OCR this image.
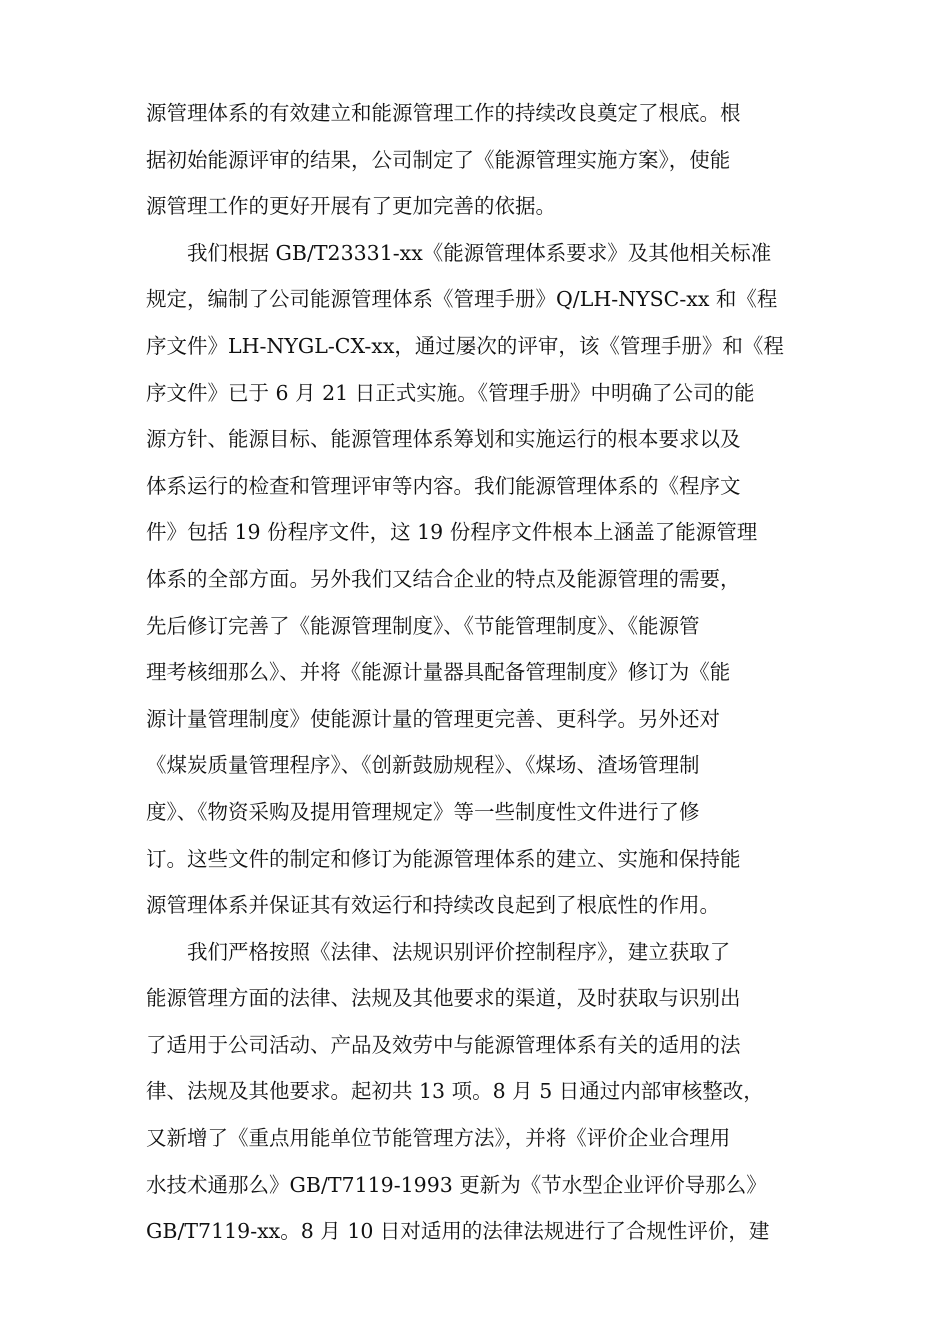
源管理体系的有效建立和能源管理工作的持续改良奠定了根底。根
据初始能源评审的结果，公司制定了《能源管理实施方案》，使能
源管理工作的更好开展有了更加完善的依据。
　　我们根据 GB/T23331-xx《能源管理体系要求》及其他相关标准
规定，编制了公司能源管理体系《管理手册》Q/LH-NYSC-xx 和《程
序文件》LH-NYGL-CX-xx，通过屡次的评审，该《管理手册》和《程
序文件》已于 6 月 21 日正式实施。《管理手册》中明确了公司的能
源方针、能源目标、能源管理体系筹划和实施运行的根本要求以及
体系运行的检查和管理评审等内容。我们能源管理体系的《程序文
件》包括 19 份程序文件，这 19 份程序文件根本上涵盖了能源管理
体系的全部方面。另外我们又结合企业的特点及能源管理的需要，
先后修订完善了《能源管理制度》、《节能管理制度》、《能源管
理考核细那么》、并将《能源计量器具配备管理制度》修订为《能
源计量管理制度》使能源计量的管理更完善、更科学。另外还对
《煤炭质量管理程序》、《创新鼓励规程》、《煤场、渣场管理制
度》、《物资采购及提用管理规定》等一些制度性文件进行了修
订。这些文件的制定和修订为能源管理体系的建立、实施和保持能
源管理体系并保证其有效运行和持续改良起到了根底性的作用。
　　我们严格按照《法律、法规识别评价控制程序》，建立获取了
能源管理方面的法律、法规及其他要求的渠道，及时获取与识别出
了适用于公司活动、产品及效劳中与能源管理体系有关的适用的法
律、法规及其他要求。起初共 13 项。8 月 5 日通过内部审核整改，
又新增了《重点用能单位节能管理方法》，并将《评价企业合理用
水技术通那么》GB/T7119-1993 更新为《节水型企业评价导那么》
GB/T7119-xx。8 月 10 日对适用的法律法规进行了合规性评价，建
